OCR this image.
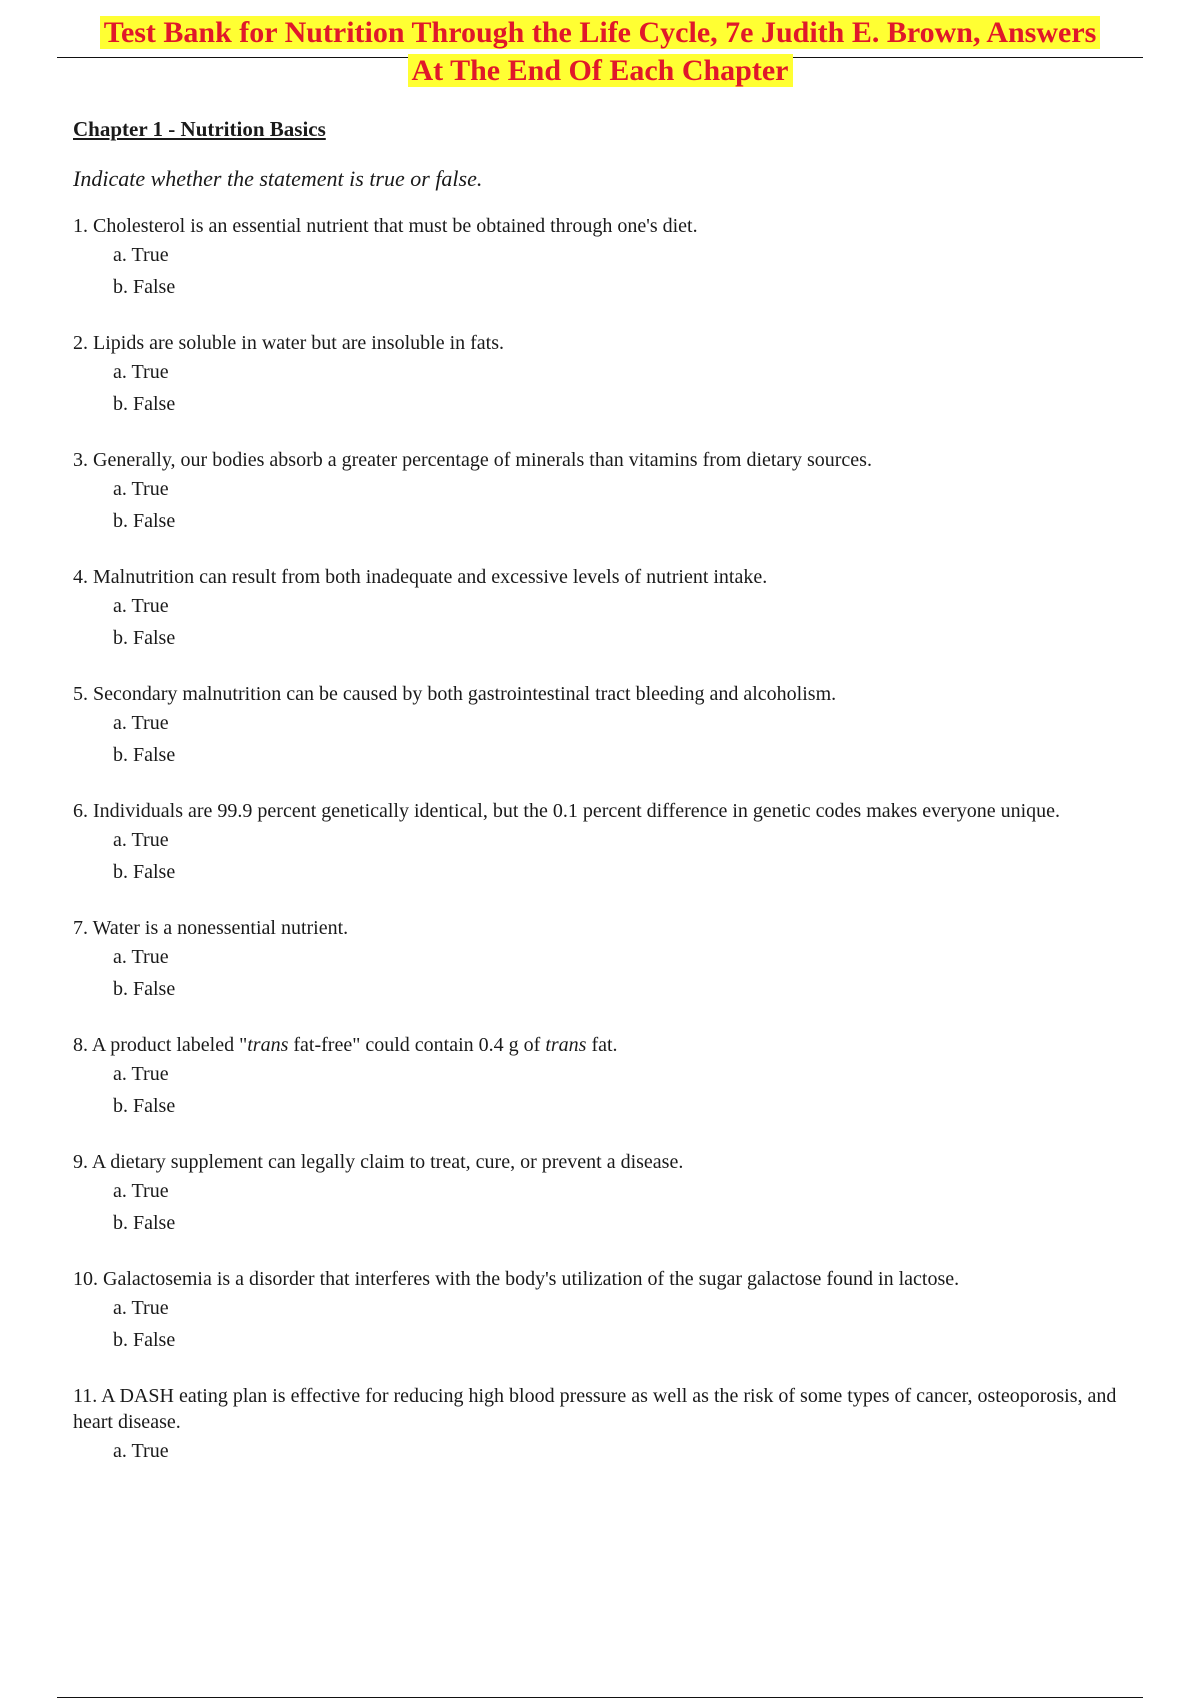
Test Bank for Nutrition Through the Life Cycle, 7e Judith E. Brown, Answers
At The End Of Each Chapter
Chapter 1 - Nutrition Basics
Indicate whether the statement is true or false.

1. Cholesterol is an essential nutrient that must be obtained through one's diet.

a. True

b. False

2. Lipids are soluble in water but are insoluble in fats.

a. True

b. False

3. Generally, our bodies absorb a greater percentage of minerals than vitamins from dietary sources.

a. True

b. False

4. Malnutrition can result from both inadequate and excessive levels of nutrient intake.

a. True

b. False

5. Secondary malnutrition can be caused by both gastrointestinal tract bleeding and alcoholism.

a. True

b. False

6. Individuals are 99.9 percent genetically identical, but the 0.1 percent difference in genetic codes makes everyone unique.

a. True

b. False

7. Water is a nonessential nutrient.

a. True

b. False

8. A product labeled "trans fat-free" could contain 0.4 g of trans fat.

a. True

b. False

9. A dietary supplement can legally claim to treat, cure, or prevent a disease.

a. True

b. False

10. Galactosemia is a disorder that interferes with the body's utilization of the sugar galactose found in lactose.

a. True

b. False

11. A DASH eating plan is effective for reducing high blood pressure as well as the risk of some types of cancer, osteoporosis, and heart disease.

a. True
